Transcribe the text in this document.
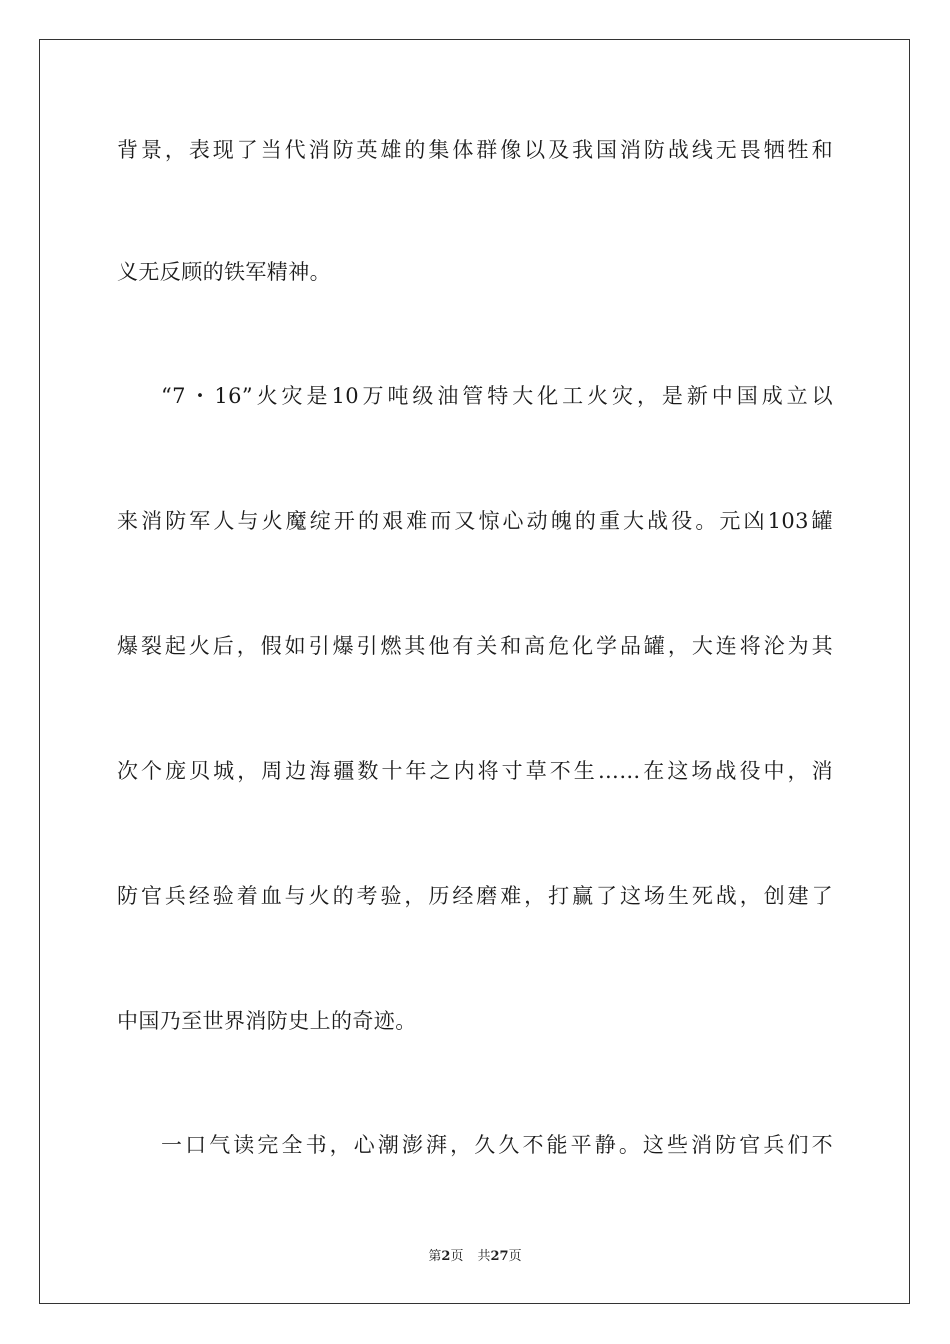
背景，表现了当代消防英雄的集体群像以及我国消防战线无畏牺牲和
义无反顾的铁军精神。
“7・16”火灾是10万吨级油管特大化工火灾，是新中国成立以
来消防军人与火魔绽开的艰难而又惊心动魄的重大战役。元凶103罐
爆裂起火后，假如引爆引燃其他有关和高危化学品罐，大连将沦为其
次个庞贝城，周边海疆数十年之内将寸草不生……在这场战役中，消
防官兵经验着血与火的考验，历经磨难，打赢了这场生死战，创建了
中国乃至世界消防史上的奇迹。
一口气读完全书，心潮澎湃，久久不能平静。这些消防官兵们不
第2页 共27页
